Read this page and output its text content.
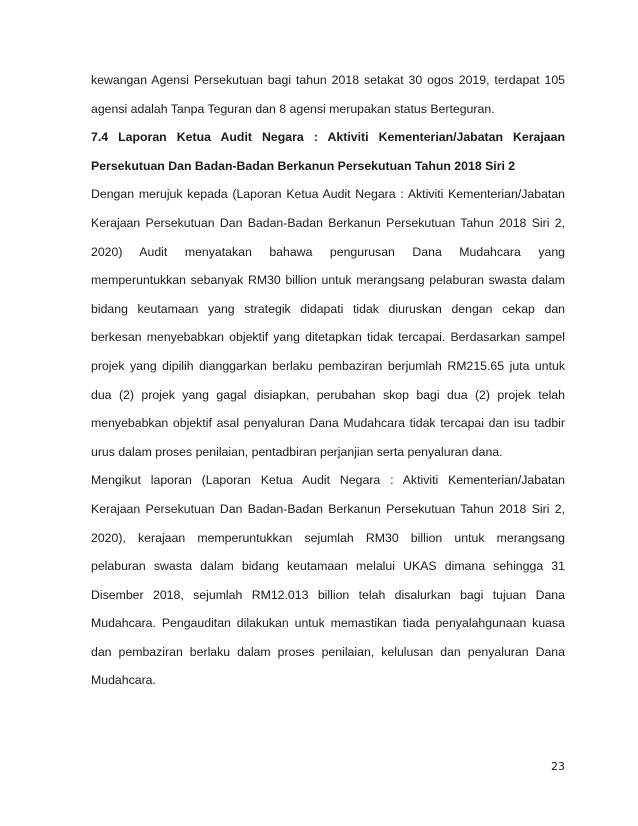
kewangan Agensi Persekutuan bagi tahun 2018 setakat 30 ogos 2019, terdapat 105
agensi adalah Tanpa Teguran dan 8 agensi merupakan status Berteguran.
7.4 Laporan Ketua Audit Negara : Aktiviti Kementerian/Jabatan Kerajaan
Persekutuan Dan Badan-Badan Berkanun Persekutuan Tahun 2018 Siri 2
Dengan merujuk kepada (Laporan Ketua Audit Negara : Aktiviti Kementerian/Jabatan
Kerajaan Persekutuan Dan Badan-Badan Berkanun Persekutuan Tahun 2018 Siri 2,
2020) Audit menyatakan bahawa pengurusan Dana Mudahcara yang
memperuntukkan sebanyak RM30 billion untuk merangsang pelaburan swasta dalam
bidang keutamaan yang strategik didapati tidak diuruskan dengan cekap dan
berkesan menyebabkan objektif yang ditetapkan tidak tercapai. Berdasarkan sampel
projek yang dipilih dianggarkan berlaku pembaziran berjumlah RM215.65 juta untuk
dua (2) projek yang gagal disiapkan, perubahan skop bagi dua (2) projek telah
menyebabkan objektif asal penyaluran Dana Mudahcara tidak tercapai dan isu tadbir
urus dalam proses penilaian, pentadbiran perjanjian serta penyaluran dana.
Mengikut laporan (Laporan Ketua Audit Negara : Aktiviti Kementerian/Jabatan
Kerajaan Persekutuan Dan Badan-Badan Berkanun Persekutuan Tahun 2018 Siri 2,
2020), kerajaan memperuntukkan sejumlah RM30 billion untuk merangsang
pelaburan swasta dalam bidang keutamaan melalui UKAS dimana sehingga 31
Disember 2018, sejumlah RM12.013 billion telah disalurkan bagi tujuan Dana
Mudahcara. Pengauditan dilakukan untuk memastikan tiada penyalahgunaan kuasa
dan pembaziran berlaku dalam proses penilaian, kelulusan dan penyaluran Dana
Mudahcara.
23
